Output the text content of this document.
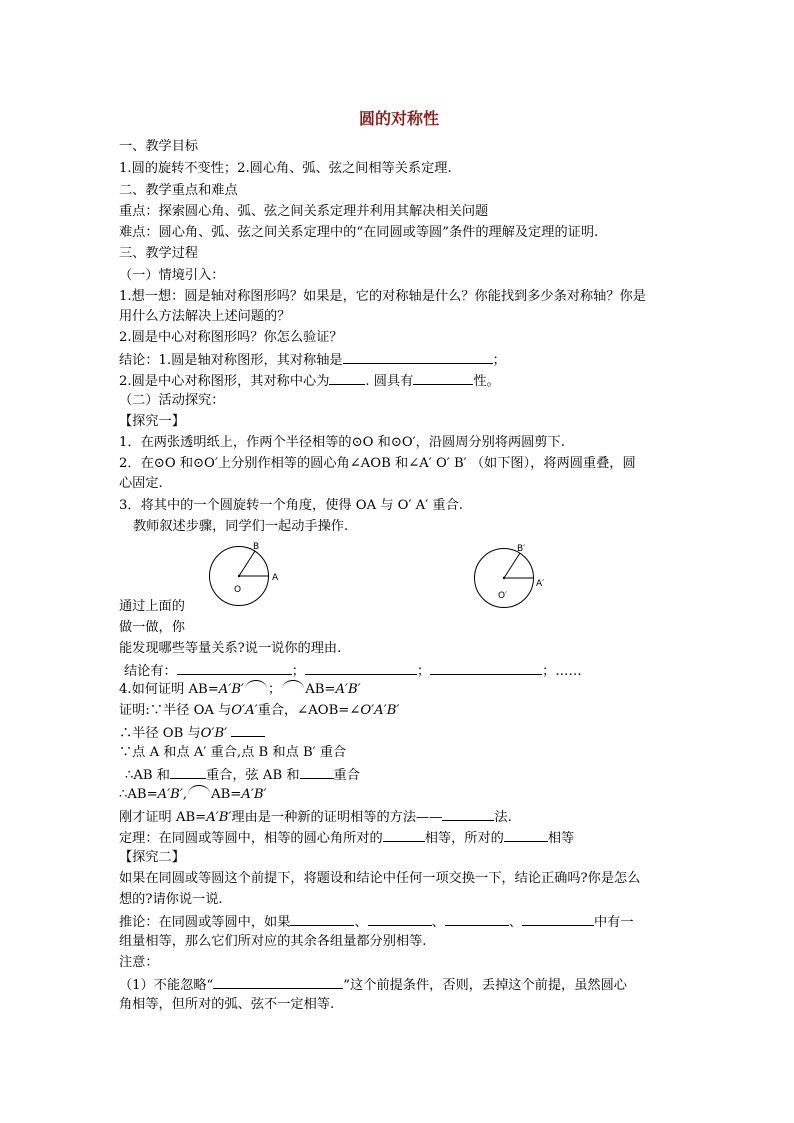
圆的对称性
一、教学目标
1.圆的旋转不变性；2.圆心角、弧、弦之间相等关系定理.
二、教学重点和难点
重点：探索圆心角、弧、弦之间关系定理并利用其解决相关问题
难点：圆心角、弧、弦之间关系定理中的“在同圆或等圆”条件的理解及定理的证明.
三、教学过程
（一）情境引入：
1.想一想：圆是轴对称图形吗？如果是，它的对称轴是什么？你能找到多少条对称轴？你是
用什么方法解决上述问题的？
2.圆是中心对称图形吗？你怎么验证？
结论：1.圆是轴对称图形，其对称轴是	；
2.圆是中心对称图形，其对称中心为	. 圆具有	性。
（二）活动探究：
【探究一】
1．在两张透明纸上，作两个半径相等的⊙O 和⊙O′，沿圆周分别将两圆剪下.
2．在⊙O 和⊙O′上分别作相等的圆心角∠AOB 和∠A′ O′ B′ （如下图），将两圆重叠，圆
心固定.
3．将其中的一个圆旋转一个角度，使得 OA 与 O′ A′ 重合.
教师叙述步骤，同学们一起动手操作.
B
A
O
B′
A′
O′
通过上面的
做一做，你
能发现哪些等量关系?说一说你的理由.
结论有：	；	；	；……
4.如何证明 AB=A′B′ ； AB=A′B′
证明:∵半径 OA 与O′A′重合，∠AOB=∠O′A′B′
∴半径 OB 与O′B′
∵点 A 和点 A′ 重合,点 B 和点 B′ 重合
∴AB 和	重合，弦 AB 和	重合
∴AB=A′B′, AB=A′B′
刚才证明 AB=A′B′理由是一种新的证明相等的方法——	法.
定理：在同圆或等圆中，相等的圆心角所对的	相等，所对的	相等
【探究二】
如果在同圆或等圆这个前提下，将题设和结论中任何一项交换一下，结论正确吗?你是怎么
想的?请你说一说.
推论：在同圆或等圆中，如果	、	、	、	中有一
组量相等，那么它们所对应的其余各组量都分别相等.
注意：
（1）不能忽略“	”这个前提条件，否则，丢掉这个前提，虽然圆心
角相等，但所对的弧、弦不一定相等.
